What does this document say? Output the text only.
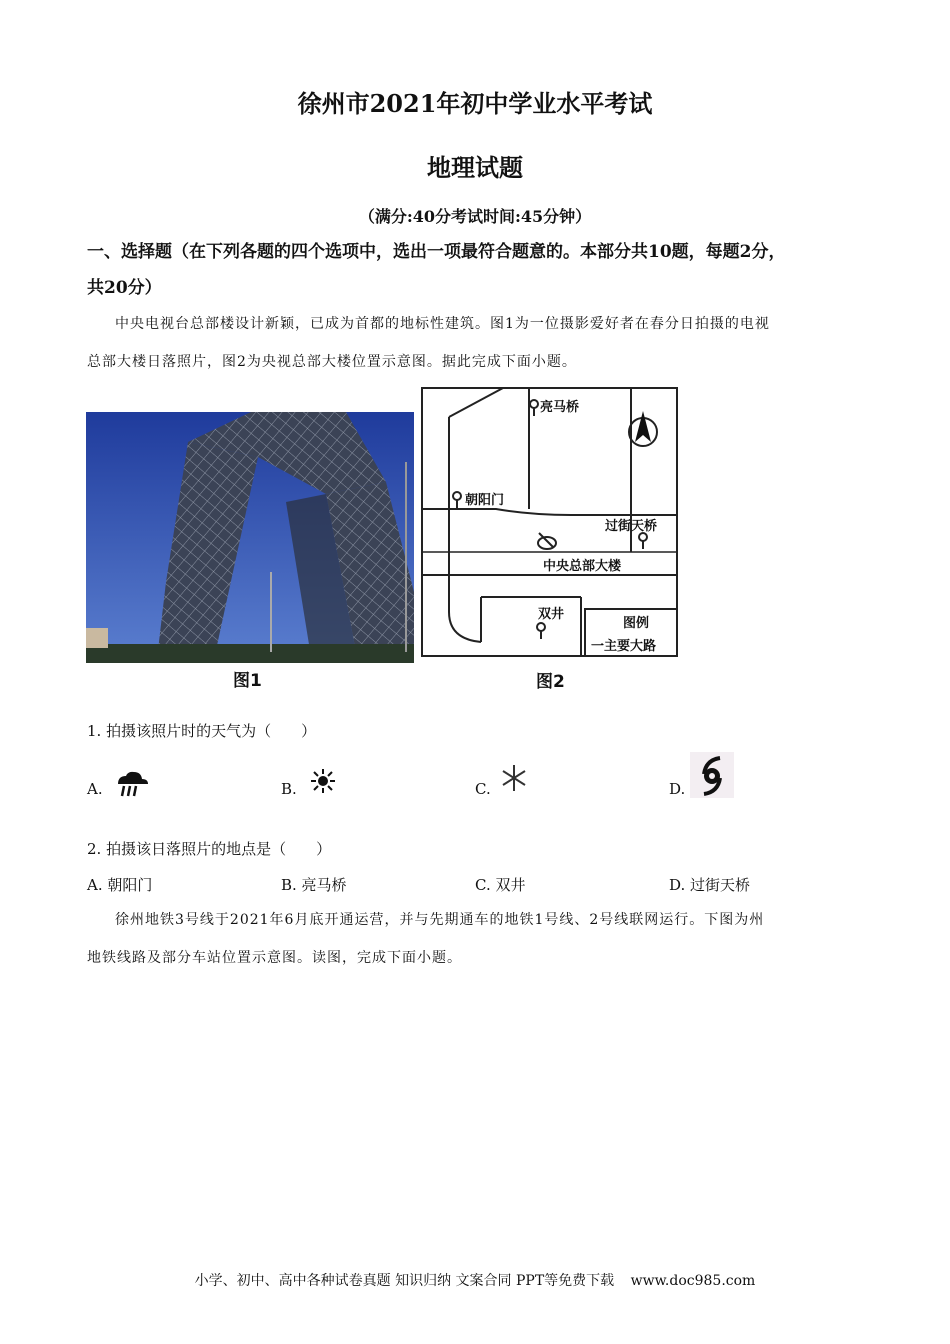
徐州市2021年初中学业水平考试
地理试题
（满分:40分考试时间:45分钟）
一、选择题（在下列各题的四个选项中，选出一项最符合题意的。本部分共10题，每题2分，
共20分）
中央电视台总部楼设计新颖，已成为首都的地标性建筑。图1为一位摄影爱好者在春分日拍摄的电视
总部大楼日落照片，图2为央视总部大楼位置示意图。据此完成下面小题。
图1
亮马桥
朝阳门
过街天桥
中央总部大楼
双井
图例
一主要大路
图2
1. 拍摄该照片时的天气为（　　）
A.	B.	C.	D.
2. 拍摄该日落照片的地点是（　　）
A. 朝阳门	B. 亮马桥	C. 双井	D. 过街天桥
徐州地铁3号线于2021年6月底开通运营，并与先期通车的地铁1号线、2号线联网运行。下图为州
地铁线路及部分车站位置示意图。读图，完成下面小题。
小学、初中、高中各种试卷真题 知识归纳 文案合同 PPT等免费下载 www.doc985.com
